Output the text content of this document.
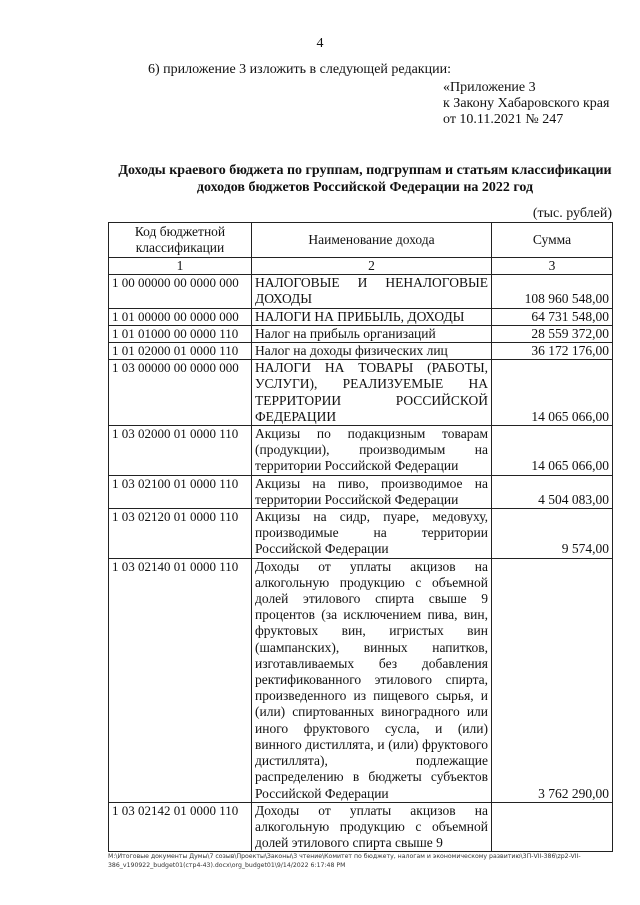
4
6) приложение 3 изложить в следующей редакции:
«Приложение 3
к Закону Хабаровского края
от 10.11.2021 № 247
Доходы краевого бюджета по группам, подгруппам и статьям классификации доходов бюджетов Российской Федерации на 2022 год
(тыс. рублей)
Код бюджетной классификации	Наименование дохода	Сумма
1	2	3
1 00 00000 00 0000 000	НАЛОГОВЫЕ И НЕНАЛОГОВЫЕ ДОХОДЫ	108 960 548,00
1 01 00000 00 0000 000	НАЛОГИ НА ПРИБЫЛЬ, ДОХОДЫ	64 731 548,00
1 01 01000 00 0000 110	Налог на прибыль организаций	28 559 372,00
1 01 02000 01 0000 110	Налог на доходы физических лиц	36 172 176,00
1 03 00000 00 0000 000	НАЛОГИ НА ТОВАРЫ (РАБОТЫ, УСЛУГИ), РЕАЛИЗУЕМЫЕ НА ТЕРРИТОРИИ РОССИЙСКОЙ ФЕДЕРАЦИИ	14 065 066,00
1 03 02000 01 0000 110	Акцизы по подакцизным товарам (продукции), производимым на территории Российской Федерации	14 065 066,00
1 03 02100 01 0000 110	Акцизы на пиво, производимое на территории Российской Федерации	4 504 083,00
1 03 02120 01 0000 110	Акцизы на сидр, пуаре, медовуху, производимые на территории Российской Федерации	9 574,00
1 03 02140 01 0000 110	Доходы от уплаты акцизов на алкогольную продукцию с объемной долей этилового спирта свыше 9 процентов (за исключением пива, вин, фруктовых вин, игристых вин (шампанских), винных напитков, изготавливаемых без добавления ректификованного этилового спирта, произведенного из пищевого сырья, и (или) спиртованных виноградного или иного фруктового сусла, и (или) винного дистиллята, и (или) фруктового дистиллята), подлежащие распределению в бюджеты субъектов Российской Федерации	3 762 290,00
1 03 02142 01 0000 110	Доходы от уплаты акцизов на алкогольную продукцию с объемной долей этилового спирта свыше 9	
M:\Итоговые документы Думы\7 созыв\Проекты\Законы\3 чтение\Комитет по бюджету, налогам и экономическому развитию\3П-VII-386\zp2-VII-386_v190922_budget01(стр4-43).docx\org_budget01\9/14/2022 6:17:48 PM
